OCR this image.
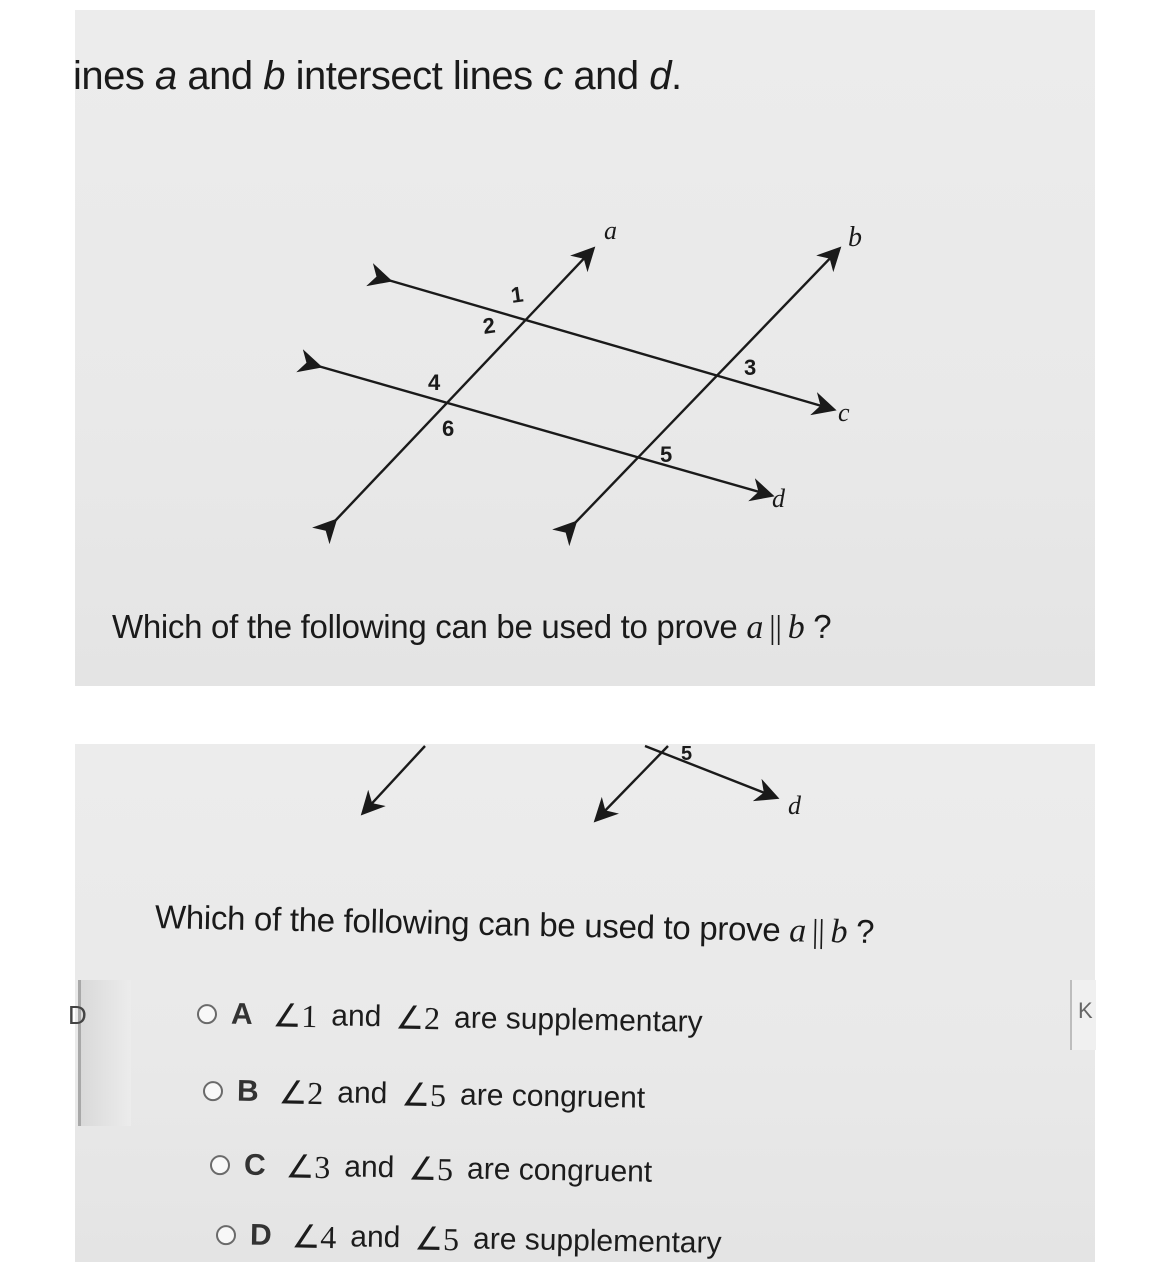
ines a and b intersect lines c and d.
a	b
c
d
1
2
3
4
6
5
5
d
Which of the following can be used to prove a || b ?
Which of the following can be used to prove a || b ?
A ∠1 and ∠2 are supplementary
B ∠2 and ∠5 are congruent
C ∠3 and ∠5 are congruent
D ∠4 and ∠5 are supplementary
D	K
